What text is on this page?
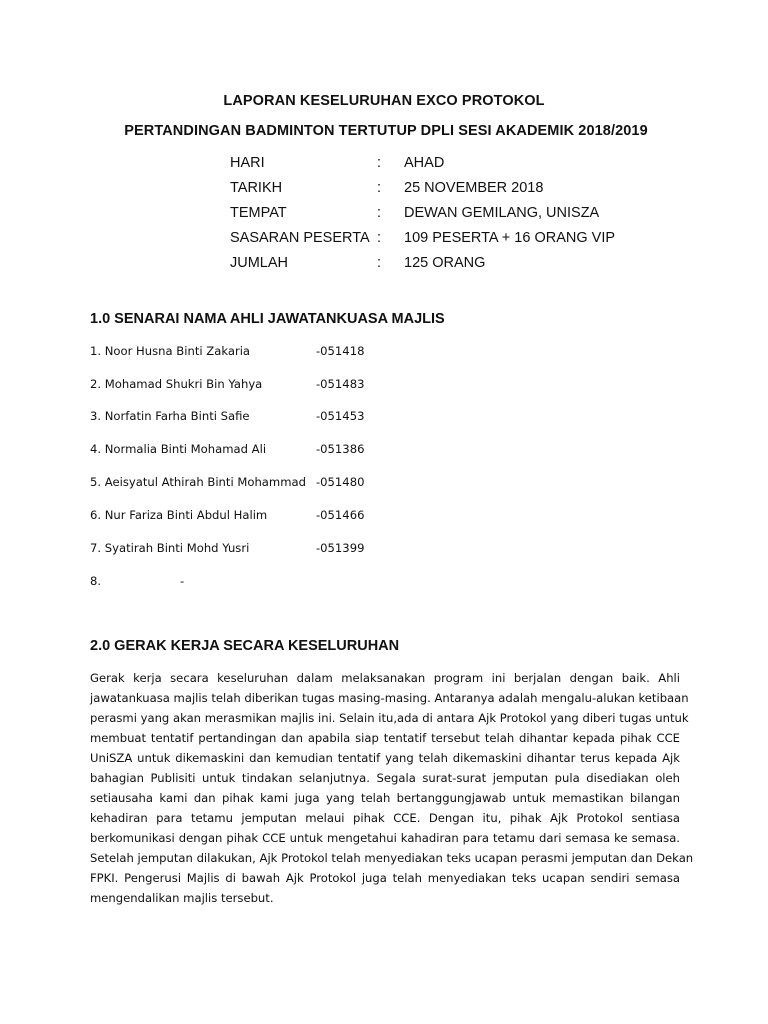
LAPORAN KESELURUHAN EXCO PROTOKOL
PERTANDINGAN BADMINTON TERTUTUP DPLI SESI AKADEMIK 2018/2019
HARI	: AHAD
TARIKH	: 25 NOVEMBER 2018
TEMPAT	: DEWAN GEMILANG, UNISZA
SASARAN PESERTA : 109 PESERTA + 16 ORANG VIP
JUMLAH	: 125 ORANG
1.0 SENARAI NAMA AHLI JAWATANKUASA MAJLIS
1. Noor Husna Binti Zakaria	-051418
2. Mohamad Shukri Bin Yahya	-051483
3. Norfatin Farha Binti Safie	-051453
4. Normalia Binti Mohamad Ali	-051386
5. Aeisyatul Athirah Binti Mohammad -051480
6. Nur Fariza Binti Abdul Halim	-051466
7. Syatirah Binti Mohd Yusri	-051399
8.	-
2.0 GERAK KERJA SECARA KESELURUHAN
Gerak kerja secara keseluruhan dalam melaksanakan program ini berjalan dengan baik. Ahli
jawatankuasa majlis telah diberikan tugas masing-masing. Antaranya adalah mengalu-alukan ketibaan
perasmi yang akan merasmikan majlis ini. Selain itu,ada di antara Ajk Protokol yang diberi tugas untuk
membuat tentatif pertandingan dan apabila siap tentatif tersebut telah dihantar kepada pihak CCE
UniSZA untuk dikemaskini dan kemudian tentatif yang telah dikemaskini dihantar terus kepada Ajk
bahagian Publisiti untuk tindakan selanjutnya. Segala surat-surat jemputan pula disediakan oleh
setiausaha kami dan pihak kami juga yang telah bertanggungjawab untuk memastikan bilangan
kehadiran para tetamu jemputan melaui pihak CCE. Dengan itu, pihak Ajk Protokol sentiasa
berkomunikasi dengan pihak CCE untuk mengetahui kahadiran para tetamu dari semasa ke semasa.
Setelah jemputan dilakukan, Ajk Protokol telah menyediakan teks ucapan perasmi jemputan dan Dekan
FPKI. Pengerusi Majlis di bawah Ajk Protokol juga telah menyediakan teks ucapan sendiri semasa
mengendalikan majlis tersebut.
